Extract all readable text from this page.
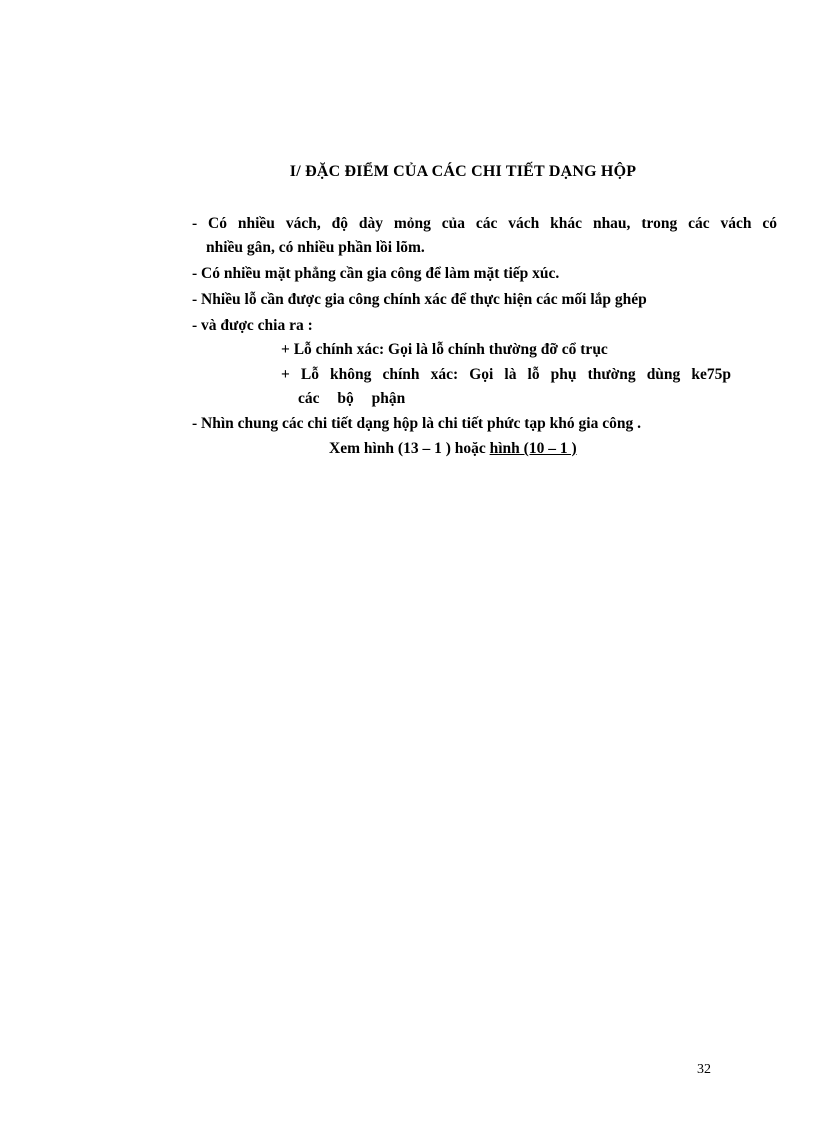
I/ ĐẶC ĐIỂM CỦA CÁC CHI TIẾT DẠNG HỘP
- Có nhiều vách, độ dày mỏng của các vách khác nhau, trong các vách có
nhiều gân, có nhiều phần lồi lõm.
- Có nhiều mặt phẳng cần gia công để làm mặt tiếp xúc.
- Nhiều lỗ cần được gia công chính xác để thực hiện các mối lắp ghép
- và được chia ra :
+ Lỗ chính xác: Gọi là lỗ chính thường đỡ cổ trục
+ Lỗ không chính xác: Gọi là lỗ phụ thường dùng ke75p
các bộ phận
- Nhìn chung các chi tiết dạng hộp là chi tiết phức tạp khó gia công .
Xem hình (13 – 1 ) hoặc hình (10 – 1 )
32
